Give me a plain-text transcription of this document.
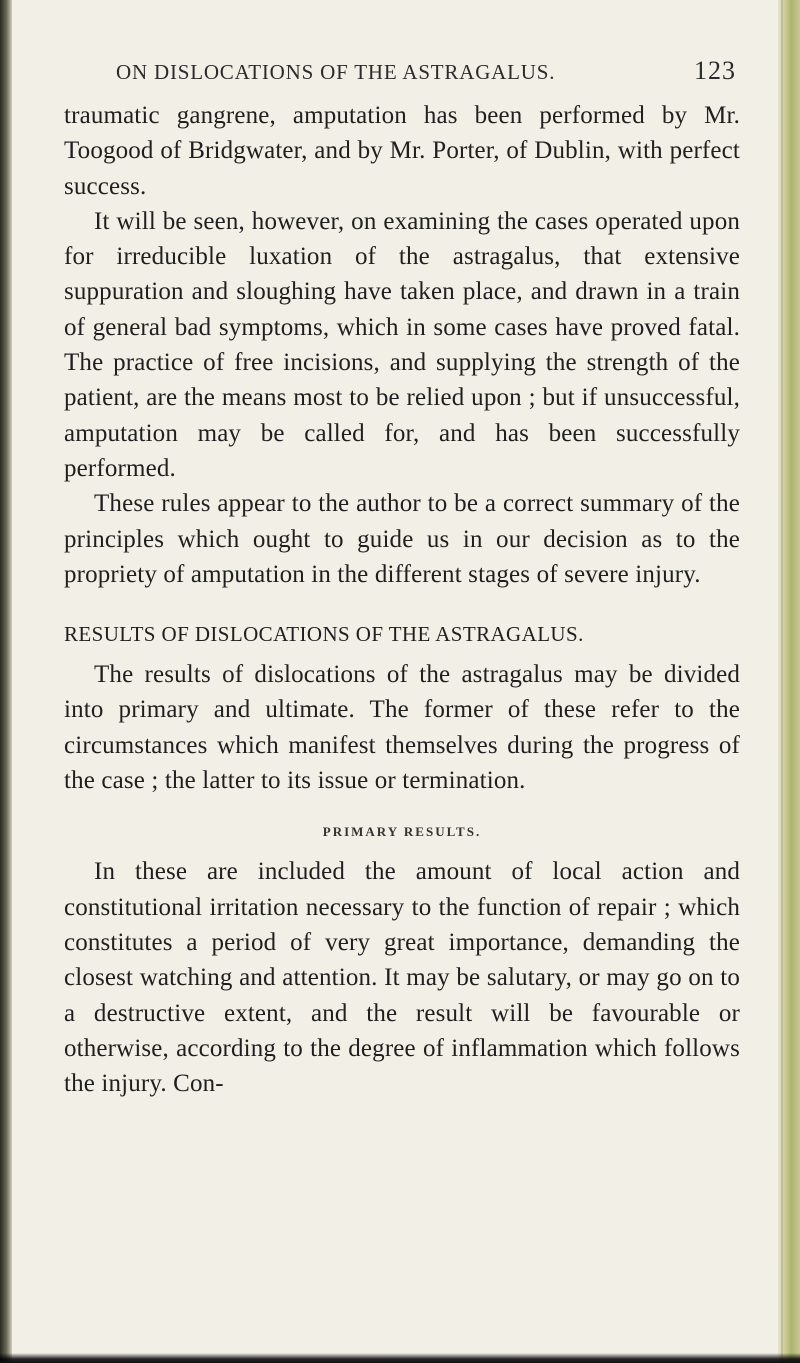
ON DISLOCATIONS OF THE ASTRAGALUS.	123

traumatic gangrene, amputation has been performed by Mr. Toogood of Bridgwater, and by Mr. Porter, of Dublin, with perfect success.

It will be seen, however, on examining the cases operated upon for irreducible luxation of the astragalus, that extensive suppuration and sloughing have taken place, and drawn in a train of general bad symptoms, which in some cases have proved fatal. The practice of free incisions, and supplying the strength of the patient, are the means most to be relied upon ; but if unsuccessful, amputation may be called for, and has been successfully performed.

These rules appear to the author to be a correct summary of the principles which ought to guide us in our decision as to the propriety of amputation in the different stages of severe injury.

RESULTS OF DISLOCATIONS OF THE ASTRAGALUS.

The results of dislocations of the astragalus may be divided into primary and ultimate. The former of these refer to the circumstances which manifest themselves during the progress of the case ; the latter to its issue or termination.

PRIMARY RESULTS.

In these are included the amount of local action and constitutional irritation necessary to the function of repair ; which constitutes a period of very great importance, demanding the closest watching and attention. It may be salutary, or may go on to a destructive extent, and the result will be favourable or otherwise, according to the degree of inflammation which follows the injury. Con-
